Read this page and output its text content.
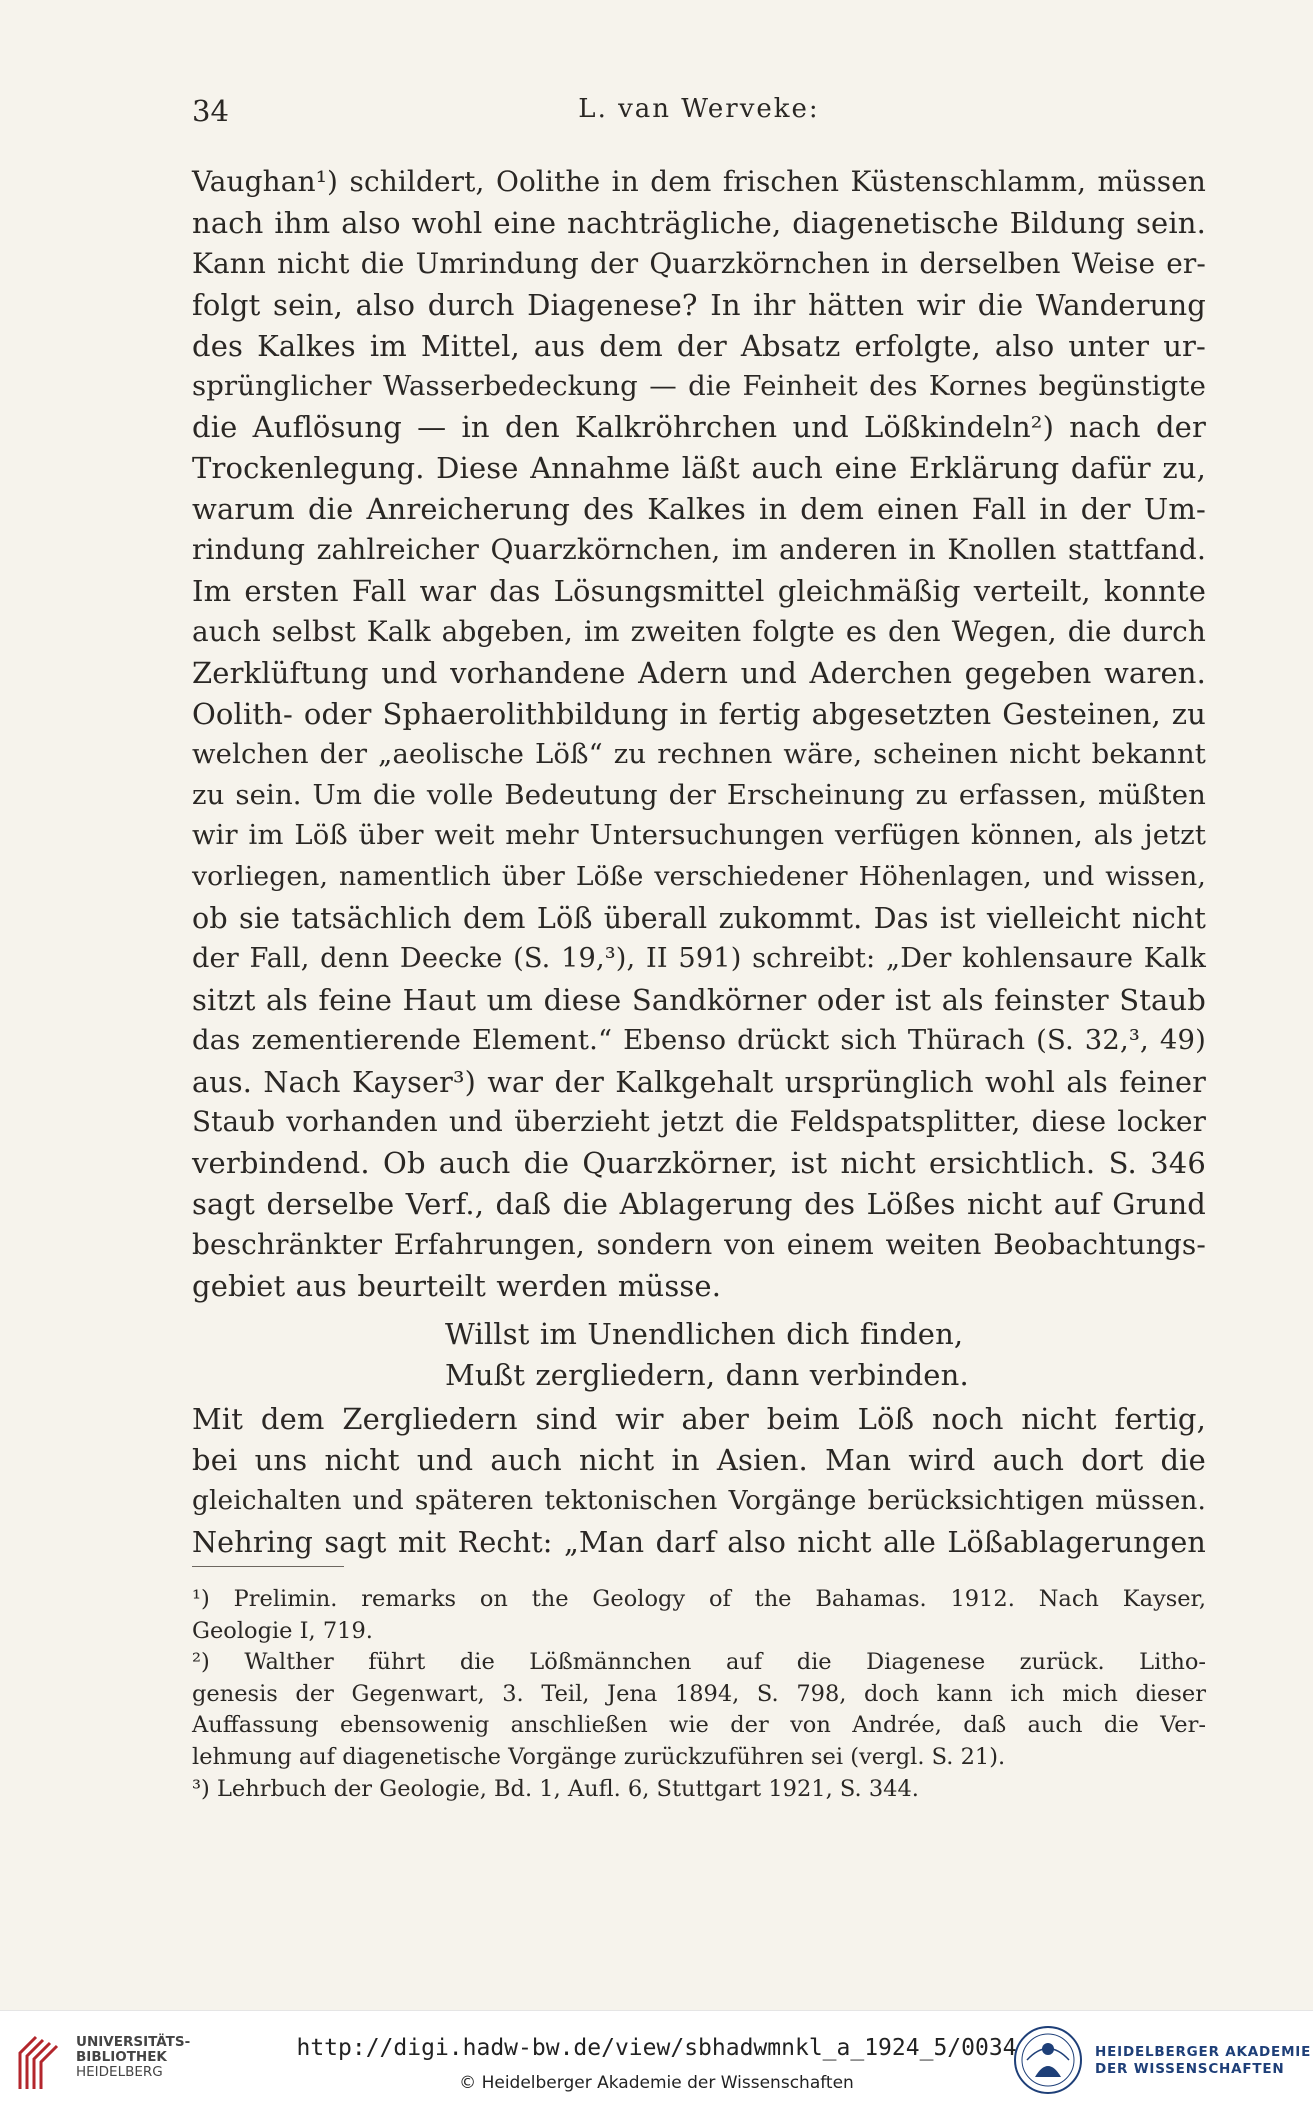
34	L. van Werveke:
Vaughan¹) schildert, Oolithe in dem frischen Küstenschlamm, müssen
nach ihm also wohl eine nachträgliche, diagenetische Bildung sein.
Kann nicht die Umrindung der Quarzkörnchen in derselben Weise er-
folgt sein, also durch Diagenese? In ihr hätten wir die Wanderung
des Kalkes im Mittel, aus dem der Absatz erfolgte, also unter ur-
sprünglicher Wasserbedeckung — die Feinheit des Kornes begünstigte
die Auflösung — in den Kalkröhrchen und Lößkindeln²) nach der
Trockenlegung. Diese Annahme läßt auch eine Erklärung dafür zu,
warum die Anreicherung des Kalkes in dem einen Fall in der Um-
rindung zahlreicher Quarzkörnchen, im anderen in Knollen stattfand.
Im ersten Fall war das Lösungsmittel gleichmäßig verteilt, konnte
auch selbst Kalk abgeben, im zweiten folgte es den Wegen, die durch
Zerklüftung und vorhandene Adern und Aderchen gegeben waren.
Oolith- oder Sphaerolithbildung in fertig abgesetzten Gesteinen, zu
welchen der „aeolische Löß“ zu rechnen wäre, scheinen nicht bekannt
zu sein. Um die volle Bedeutung der Erscheinung zu erfassen, müßten
wir im Löß über weit mehr Untersuchungen verfügen können, als jetzt
vorliegen, namentlich über Löße verschiedener Höhenlagen, und wissen,
ob sie tatsächlich dem Löß überall zukommt. Das ist vielleicht nicht
der Fall, denn Deecke (S. 19,³), II 591) schreibt: „Der kohlensaure Kalk
sitzt als feine Haut um diese Sandkörner oder ist als feinster Staub
das zementierende Element.“ Ebenso drückt sich Thürach (S. 32,³, 49)
aus. Nach Kayser³) war der Kalkgehalt ursprünglich wohl als feiner
Staub vorhanden und überzieht jetzt die Feldspatsplitter, diese locker
verbindend. Ob auch die Quarzkörner, ist nicht ersichtlich. S. 346
sagt derselbe Verf., daß die Ablagerung des Lößes nicht auf Grund
beschränkter Erfahrungen, sondern von einem weiten Beobachtungs-
gebiet aus beurteilt werden müsse.
Willst im Unendlichen dich finden,
Mußt zergliedern, dann verbinden.
Mit dem Zergliedern sind wir aber beim Löß noch nicht fertig,
bei uns nicht und auch nicht in Asien. Man wird auch dort die
gleichalten und späteren tektonischen Vorgänge berücksichtigen müssen.
Nehring sagt mit Recht: „Man darf also nicht alle Lößablagerungen
¹) Prelimin. remarks on the Geology of the Bahamas. 1912. Nach Kayser,
Geologie I, 719.
²) Walther führt die Lößmännchen auf die Diagenese zurück. Litho-
genesis der Gegenwart, 3. Teil, Jena 1894, S. 798, doch kann ich mich dieser
Auffassung ebensowenig anschließen wie der von Andrée, daß auch die Ver-
lehmung auf diagenetische Vorgänge zurückzuführen sei (vergl. S. 21).
³) Lehrbuch der Geologie, Bd. 1, Aufl. 6, Stuttgart 1921, S. 344.
UNIVERSITÄTS-
BIBLIOTHEK
HEIDELBERG
http://digi.hadw-bw.de/view/sbhadwmnkl_a_1924_5/0034
© Heidelberger Akademie der Wissenschaften
HEIDELBERGER AKADEMIE
DER WISSENSCHAFTEN
